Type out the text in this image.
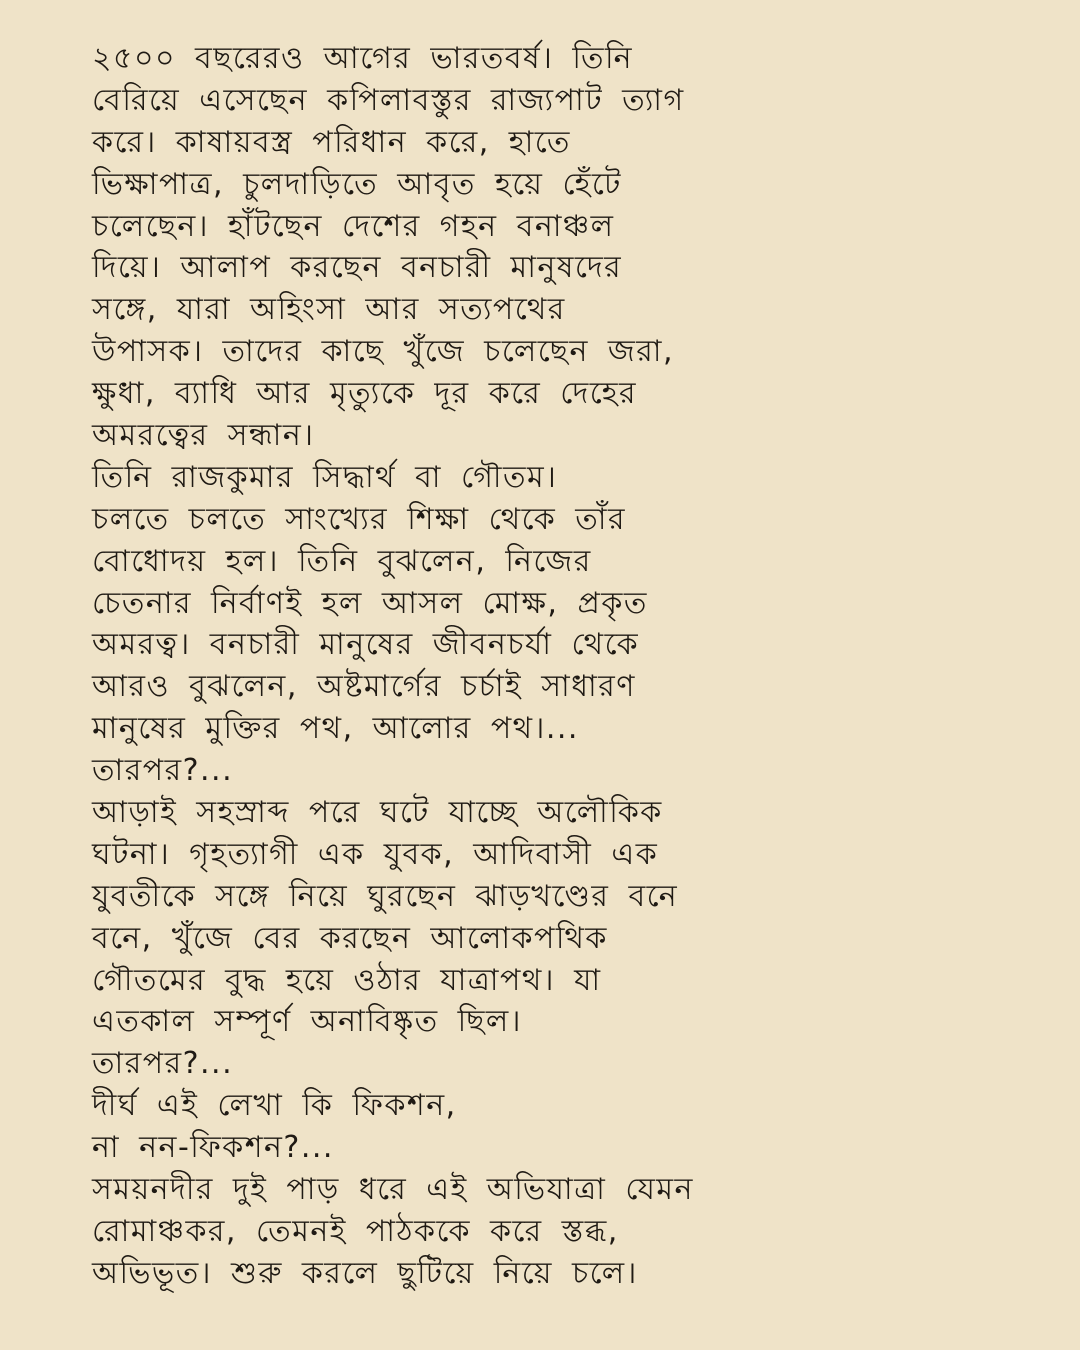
২৫০০ বছরেরও আগের ভারতবর্ষ। তিনি
বেরিয়ে এসেছেন কপিলাবস্তুর রাজ্যপাট ত্যাগ
করে। কাষায়বস্ত্র পরিধান করে, হাতে
ভিক্ষাপাত্র, চুলদাড়িতে আবৃত হয়ে হেঁটে
চলেছেন। হাঁটছেন দেশের গহন বনাঞ্চল
দিয়ে। আলাপ করছেন বনচারী মানুষদের
সঙ্গে, যারা অহিংসা আর সত্যপথের
উপাসক। তাদের কাছে খুঁজে চলেছেন জরা,
ক্ষুধা, ব্যাধি আর মৃত্যুকে দূর করে দেহের
অমরত্বের সন্ধান।
তিনি রাজকুমার সিদ্ধার্থ বা গৌতম।
চলতে চলতে সাংখ্যের শিক্ষা থেকে তাঁর
বোধোদয় হল। তিনি বুঝলেন, নিজের
চেতনার নির্বাণই হল আসল মোক্ষ, প্রকৃত
অমরত্ব। বনচারী মানুষের জীবনচর্যা থেকে
আরও বুঝলেন, অষ্টমার্গের চর্চাই সাধারণ
মানুষের মুক্তির পথ, আলোর পথ।...
তারপর?...
আড়াই সহস্রাব্দ পরে ঘটে যাচ্ছে অলৌকিক
ঘটনা। গৃহত্যাগী এক যুবক, আদিবাসী এক
যুবতীকে সঙ্গে নিয়ে ঘুরছেন ঝাড়খণ্ডের বনে
বনে, খুঁজে বের করছেন আলোকপথিক
গৌতমের বুদ্ধ হয়ে ওঠার যাত্রাপথ। যা
এতকাল সম্পূর্ণ অনাবিষ্কৃত ছিল।
তারপর?...
দীর্ঘ এই লেখা কি ফিকশন,
না নন-ফিকশন?...
সময়নদীর দুই পাড় ধরে এই অভিযাত্রা যেমন
রোমাঞ্চকর, তেমনই পাঠককে করে স্তব্ধ,
অভিভূত। শুরু করলে ছুটিয়ে নিয়ে চলে।
